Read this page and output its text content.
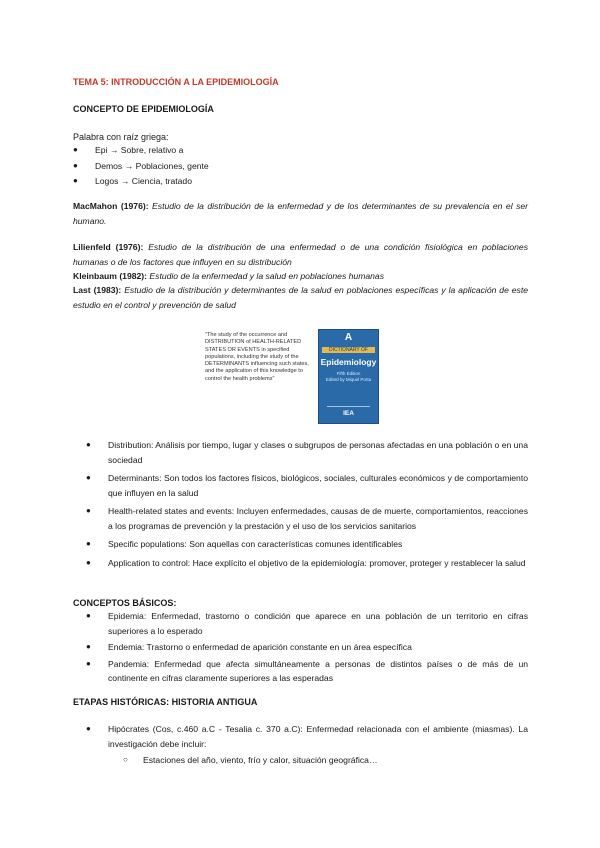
TEMA 5: INTRODUCCIÓN A LA EPIDEMIOLOGÍA
CONCEPTO DE EPIDEMIOLOGÍA
Palabra con raíz griega:
● Epi → Sobre, relativo a
● Demos → Poblaciones, gente
● Logos → Ciencia, tratado
MacMahon (1976): Estudio de la distribución de la enfermedad y de los determinantes de su prevalencia en el ser humano.
Lilienfeld (1976): Estudio de la distribución de una enfermedad o de una condición fisiológica en poblaciones humanas o de los factores que influyen en su distribución
Kleinbaum (1982): Estudio de la enfermedad y la salud en poblaciones humanas
Last (1983): Estudio de la distribución y determinantes de la salud en poblaciones específicas y la aplicación de este estudio en el control y prevención de salud
"The study of the occurrence and DISTRIBUTION of HEALTH-RELATED STATES OR EVENTS in specified populations, including the study of the DETERMINANTS influencing such states, and the application of this knowledge to control the health problems"
A
DICTIONARY OF
Epidemiology
Fifth Edition
Edited by Miquel Porta
IEA
● Distribution: Análisis por tiempo, lugar y clases o subgrupos de personas afectadas en una población o en una sociedad
● Determinants: Son todos los factores físicos, biológicos, sociales, culturales económicos y de comportamiento que influyen en la salud
● Health-related states and events: Incluyen enfermedades, causas de de muerte, comportamientos, reacciones a los programas de prevención y la prestación y el uso de los servicios sanitarios
● Specific populations: Son aquellas con características comunes identificables
● Application to control: Hace explícito el objetivo de la epidemiología: promover, proteger y restablecer la salud
CONCEPTOS BÁSICOS:
● Epidemia: Enfermedad, trastorno o condición que aparece en una población de un territorio en cifras superiores a lo esperado
● Endemia: Trastorno o enfermedad de aparición constante en un área específica
● Pandemia: Enfermedad que afecta simultáneamente a personas de distintos países o de más de un continente en cifras claramente superiores a las esperadas
ETAPAS HISTÓRICAS: HISTORIA ANTIGUA
● Hipócrates (Cos, c.460 a.C - Tesalia c. 370 a.C): Enfermedad relacionada con el ambiente (miasmas). La investigación debe incluir:
○ Estaciones del año, viento, frío y calor, situación geográfica…
